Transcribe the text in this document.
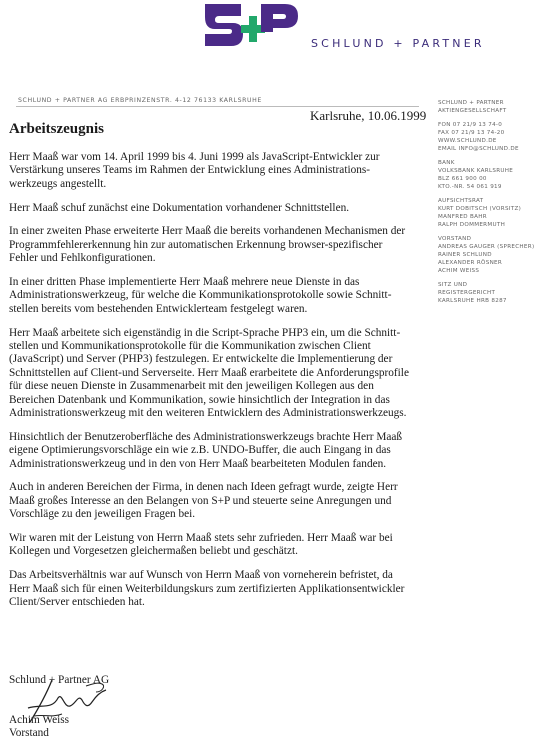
SCHLUND + PARTNER
SCHLUND + PARTNER AG ERBPRINZENSTR. 4-12 76133 KARLSRUHE
Karlsruhe, 10.06.1999
Arbeitszeugnis

Herr Maaß war vom 14. April 1999 bis 4. Juni 1999 als JavaScript-Entwickler zur Verstärkung unseres Teams im Rahmen der Entwicklung eines Administrations-werkzeugs angestellt.

Herr Maaß schuf zunächst eine Dokumentation vorhandener Schnittstellen.

In einer zweiten Phase erweiterte Herr Maaß die bereits vorhandenen Mechanismen der Programmfehlererkennung hin zur automatischen Erkennung browser-spezifischer Fehler und Fehlkonfigurationen.

In einer dritten Phase implementierte Herr Maaß mehrere neue Dienste in das Administrationswerkzeug, für welche die Kommunikationsprotokolle sowie Schnitt-stellen bereits vom bestehenden Entwicklerteam festgelegt waren.

Herr Maaß arbeitete sich eigenständig in die Script-Sprache PHP3 ein, um die Schnitt-stellen und Kommunikationsprotokolle für die Kommunikation zwischen Client (JavaScript) und Server (PHP3) festzulegen. Er entwickelte die Implementierung der Schnittstellen auf Client-und Serverseite. Herr Maaß erarbeitete die Anforderungsprofile für diese neuen Dienste in Zusammenarbeit mit den jeweiligen Kollegen aus den Bereichen Datenbank und Kommunikation, sowie hinsichtlich der Integration in das Administrationswerkzeug mit den weiteren Entwicklern des Administrationswerkzeugs.

Hinsichtlich der Benutzeroberfläche des Administrationswerkzeugs brachte Herr Maaß eigene Optimierungsvorschläge ein wie z.B. UNDO-Buffer, die auch Eingang in das Administrationswerkzeug und in den von Herr Maaß bearbeiteten Modulen fanden.

Auch in anderen Bereichen der Firma, in denen nach Ideen gefragt wurde, zeigte Herr Maaß großes Interesse an den Belangen von S+P und steuerte seine Anregungen und Vorschläge zu den jeweiligen Fragen bei.

Wir waren mit der Leistung von Herrn Maaß stets sehr zufrieden. Herr Maaß war bei Kollegen und Vorgesetzen gleichermaßen beliebt und geschätzt.

Das Arbeitsverhältnis war auf Wunsch von Herrn Maaß von vorneherein befristet, da Herr Maaß sich für einen Weiterbildungskurs zum zertifizierten Applikationsentwickler Client/Server entschieden hat.

SCHLUND + PARTNER
AKTIENGESELLSCHAFT
FON 07 21/9 13 74-0
FAX 07 21/9 13 74-20
WWW.SCHLUND.DE
EMAIL INFO@SCHLUND.DE
BANK
VOLKSBANK KARLSRUHE
BLZ 661 900 00
KTO.-NR. 54 061 919
AUFSICHTSRAT
KURT DOBITSCH (VORSITZ)
MANFRED BAHR
RALPH DOMMERMUTH
VORSTAND
ANDREAS GAUGER (SPRECHER)
RAINER SCHLUND
ALEXANDER RÖSNER
ACHIM WEISS
SITZ UND
REGISTERGERICHT
KARLSRUHE HRB 8287
Schlund + Partner AG
Achim Weiss
Vorstand
